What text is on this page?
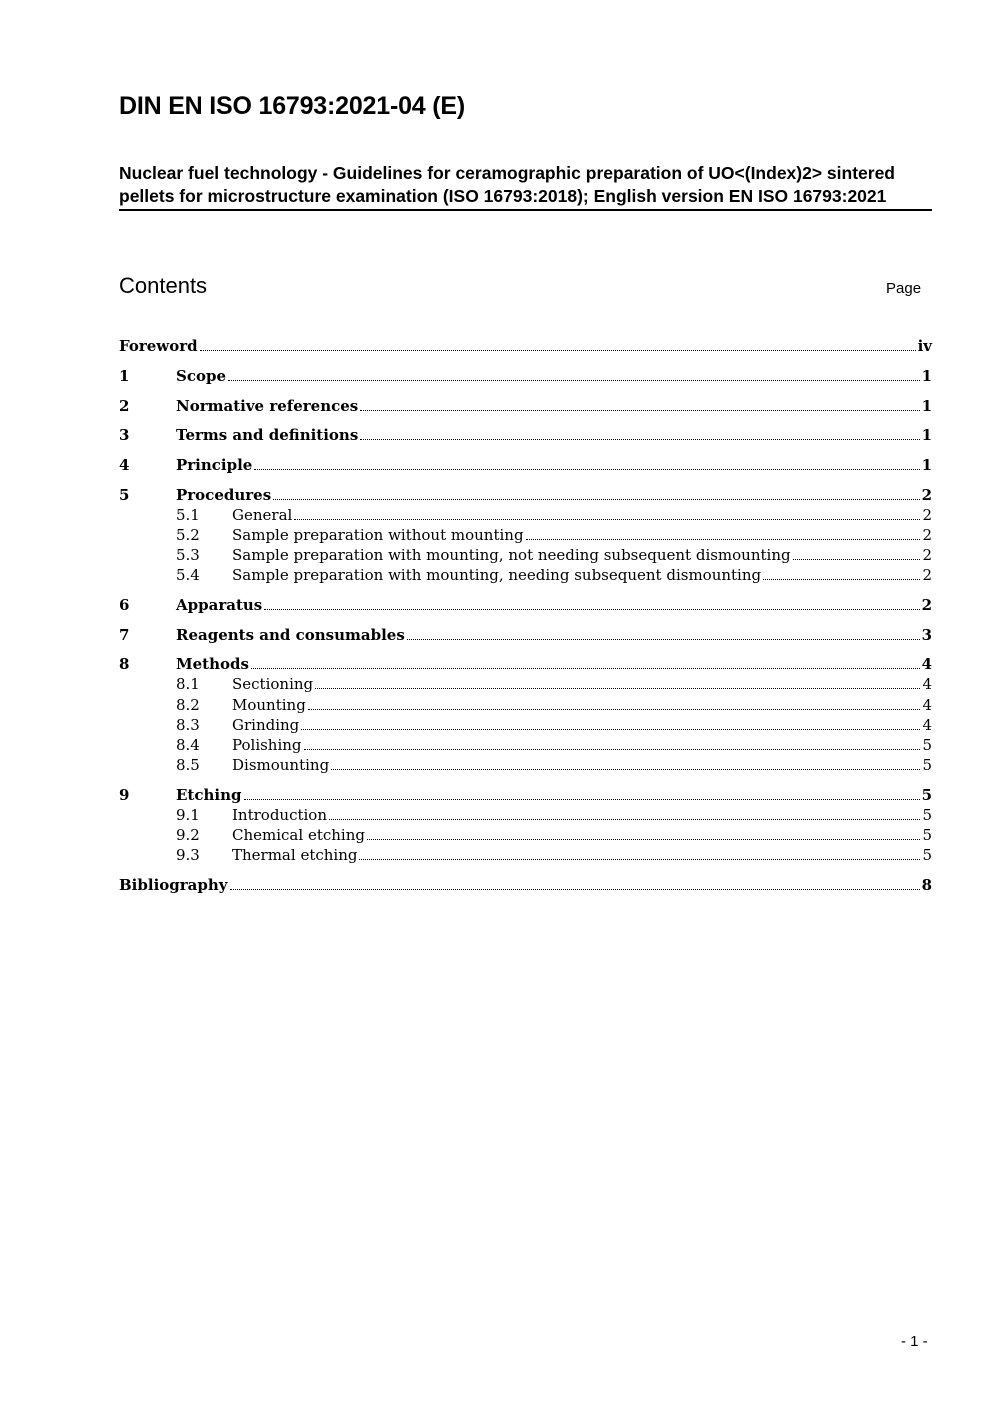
DIN EN ISO 16793:2021-04 (E)

Nuclear fuel technology - Guidelines for ceramographic preparation of UO<(Index)2> sintered pellets for microstructure examination (ISO 16793:2018); English version EN ISO 16793:2021

Contents	Page
Foreword	iv
1	Scope	1
2	Normative references	1
3	Terms and definitions	1
4	Principle	1
5	Procedures	2
5.1	General	2
5.2	Sample preparation without mounting	2
5.3	Sample preparation with mounting, not needing subsequent dismounting	2
5.4	Sample preparation with mounting, needing subsequent dismounting	2
6	Apparatus	2
7	Reagents and consumables	3
8	Methods	4
8.1	Sectioning	4
8.2	Mounting	4
8.3	Grinding	4
8.4	Polishing	5
8.5	Dismounting	5
9	Etching	5
9.1	Introduction	5
9.2	Chemical etching	5
9.3	Thermal etching	5
Bibliography	8
- 1 -
